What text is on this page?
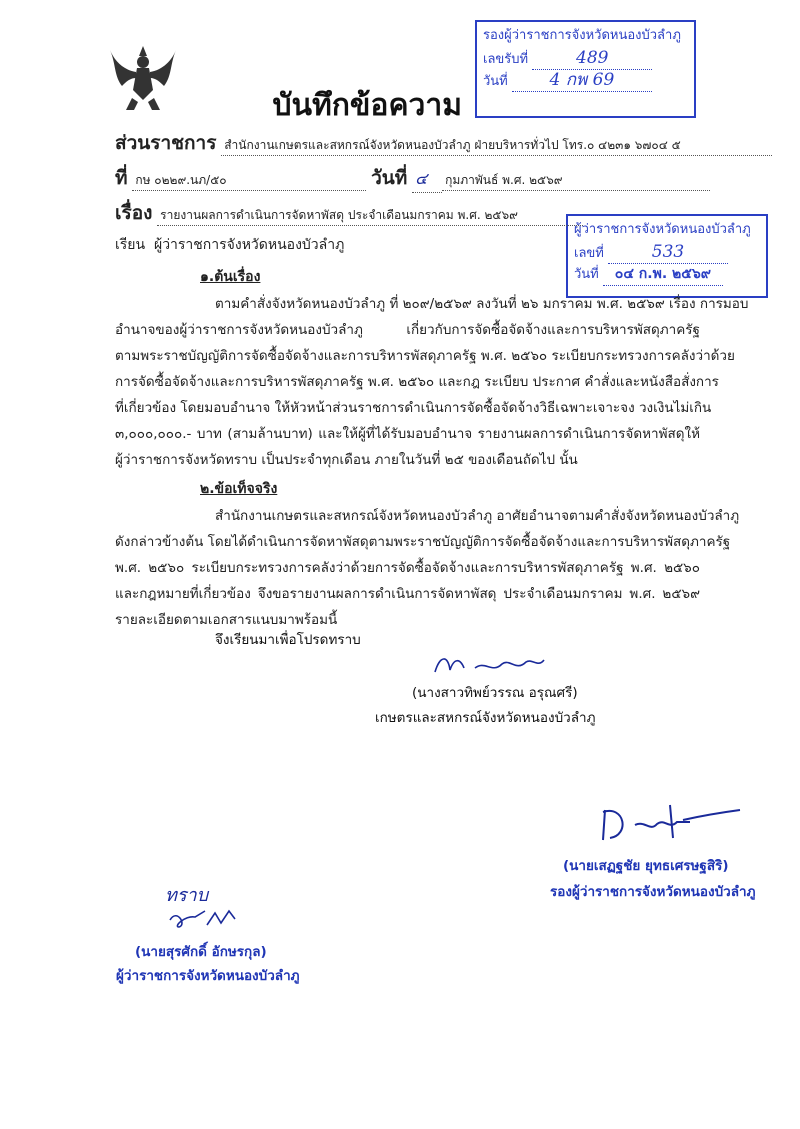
บันทึกข้อความ
รองผู้ว่าราชการจังหวัดหนองบัวลำภู
เลขรับที่	489
วันที่ 4 กพ 69
ผู้ว่าราชการจังหวัดหนองบัวลำภู
เลขที่	533
วันที่ ๐๔ ก.พ. ๒๕๖๙
ส่วนราชการ สำนักงานเกษตรและสหกรณ์จังหวัดหนองบัวลำภู ฝ่ายบริหารทั่วไป โทร.๐ ๔๒๓๑ ๖๗๐๔ ๕
ที่ กษ ๐๒๒๙.นภ/๕๐	วันที่ ๔ กุมภาพันธ์ พ.ศ. ๒๕๖๙
เรื่อง รายงานผลการดำเนินการจัดหาพัสดุ ประจำเดือนมกราคม พ.ศ. ๒๕๖๙
เรียน ผู้ว่าราชการจังหวัดหนองบัวลำภู
๑.ต้นเรื่อง
ตามคำสั่งจังหวัดหนองบัวลำภู ที่ ๒๐๙/๒๕๖๙ ลงวันที่ ๒๖ มกราคม พ.ศ. ๒๕๖๙ เรื่อง การมอบ
อำนาจของผู้ว่าราชการจังหวัดหนองบัวลำภู เกี่ยวกับการจัดซื้อจัดจ้างและการบริหารพัสดุภาครัฐ
ตามพระราชบัญญัติการจัดซื้อจัดจ้างและการบริหารพัสดุภาครัฐ พ.ศ. ๒๕๖๐ ระเบียบกระทรวงการคลังว่าด้วย
การจัดซื้อจัดจ้างและการบริหารพัสดุภาครัฐ พ.ศ. ๒๕๖๐ และกฎ ระเบียบ ประกาศ คำสั่งและหนังสือสั่งการ
ที่เกี่ยวข้อง โดยมอบอำนาจ ให้หัวหน้าส่วนราชการดำเนินการจัดซื้อจัดจ้างวิธีเฉพาะเจาะจง วงเงินไม่เกิน
๓,๐๐๐,๐๐๐.- บาท (สามล้านบาท) และให้ผู้ที่ได้รับมอบอำนาจ รายงานผลการดำเนินการจัดหาพัสดุให้
ผู้ว่าราชการจังหวัดทราบ เป็นประจำทุกเดือน ภายในวันที่ ๒๕ ของเดือนถัดไป นั้น
๒.ข้อเท็จจริง
สำนักงานเกษตรและสหกรณ์จังหวัดหนองบัวลำภู อาศัยอำนาจตามคำสั่งจังหวัดหนองบัวลำภู
ดังกล่าวข้างต้น โดยได้ดำเนินการจัดหาพัสดุตามพระราชบัญญัติการจัดซื้อจัดจ้างและการบริหารพัสดุภาครัฐ
พ.ศ. ๒๕๖๐ ระเบียบกระทรวงการคลังว่าด้วยการจัดซื้อจัดจ้างและการบริหารพัสดุภาครัฐ พ.ศ. ๒๕๖๐
และกฎหมายที่เกี่ยวข้อง จึงขอรายงานผลการดำเนินการจัดหาพัสดุ ประจำเดือนมกราคม พ.ศ. ๒๕๖๙
รายละเอียดตามเอกสารแนบมาพร้อมนี้
จึงเรียนมาเพื่อโปรดทราบ
(นางสาวทิพย์วรรณ อรุณศรี)
เกษตรและสหกรณ์จังหวัดหนองบัวลำภู
(นายเสฏฐชัย ยุทธเศรษฐสิริ)
รองผู้ว่าราชการจังหวัดหนองบัวลำภู
ทราบ
(นายสุรศักดิ์ อักษรกุล)
ผู้ว่าราชการจังหวัดหนองบัวลำภู
